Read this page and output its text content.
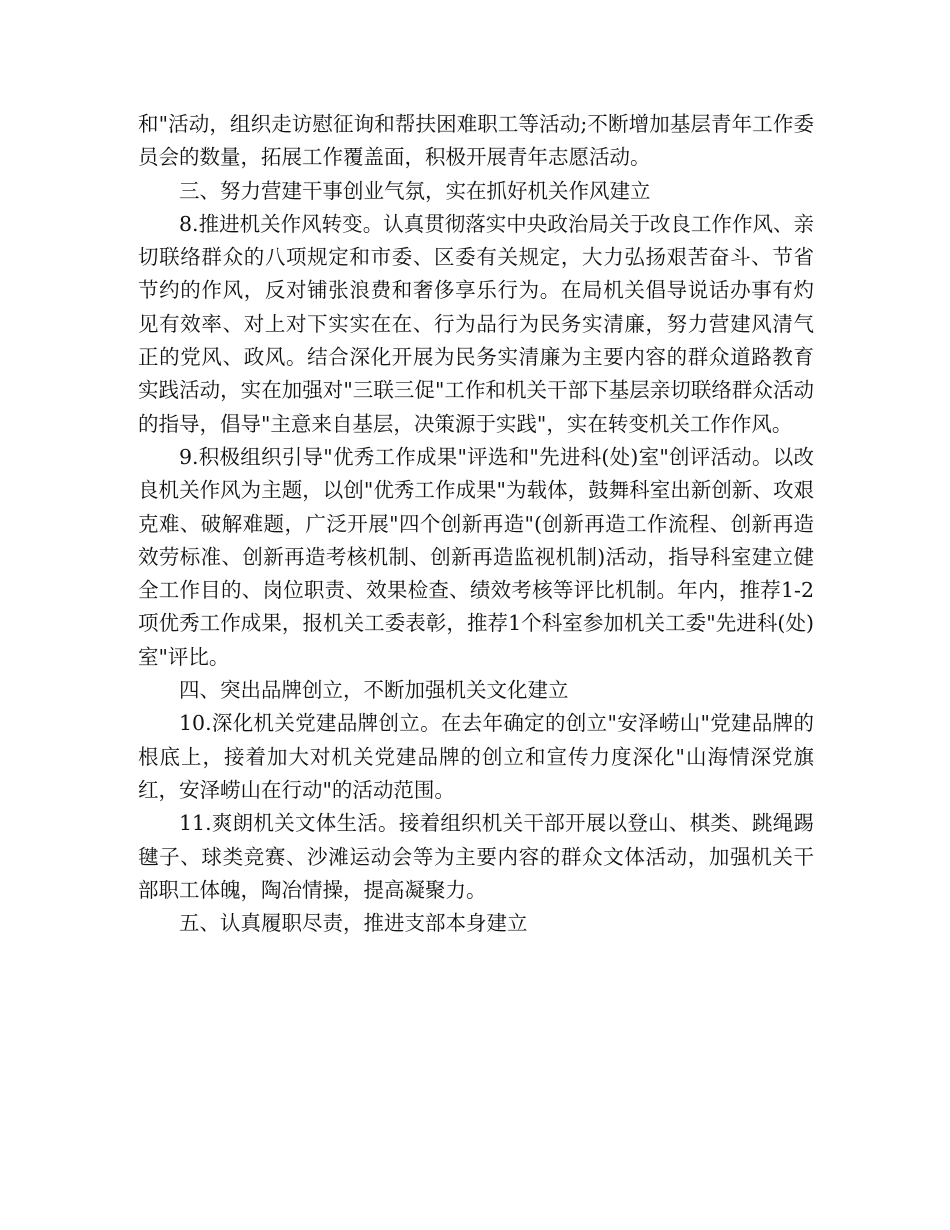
和"活动，组织走访慰征询和帮扶困难职工等活动;不断增加基层青年工作委员会的数量，拓展工作覆盖面，积极开展青年志愿活动。

三、努力营建干事创业气氛，实在抓好机关作风建立

8.推进机关作风转变。认真贯彻落实中央政治局关于改良工作作风、亲切联络群众的八项规定和市委、区委有关规定，大力弘扬艰苦奋斗、节省节约的作风，反对铺张浪费和奢侈享乐行为。在局机关倡导说话办事有灼见有效率、对上对下实实在在、行为品行为民务实清廉，努力营建风清气正的党风、政风。结合深化开展为民务实清廉为主要内容的群众道路教育实践活动，实在加强对"三联三促"工作和机关干部下基层亲切联络群众活动的指导，倡导"主意来自基层，决策源于实践"，实在转变机关工作作风。

9.积极组织引导"优秀工作成果"评选和"先进科(处)室"创评活动。以改良机关作风为主题，以创"优秀工作成果"为载体，鼓舞科室出新创新、攻艰克难、破解难题，广泛开展"四个创新再造"(创新再造工作流程、创新再造效劳标准、创新再造考核机制、创新再造监视机制)活动，指导科室建立健全工作目的、岗位职责、效果检查、绩效考核等评比机制。年内，推荐1-2项优秀工作成果，报机关工委表彰，推荐1个科室参加机关工委"先进科(处)室"评比。

四、突出品牌创立，不断加强机关文化建立

10.深化机关党建品牌创立。在去年确定的创立"安泽崂山"党建品牌的根底上，接着加大对机关党建品牌的创立和宣传力度深化"山海情深党旗红，安泽崂山在行动"的活动范围。

11.爽朗机关文体生活。接着组织机关干部开展以登山、棋类、跳绳踢毽子、球类竞赛、沙滩运动会等为主要内容的群众文体活动，加强机关干部职工体魄，陶冶情操，提高凝聚力。

五、认真履职尽责，推进支部本身建立
